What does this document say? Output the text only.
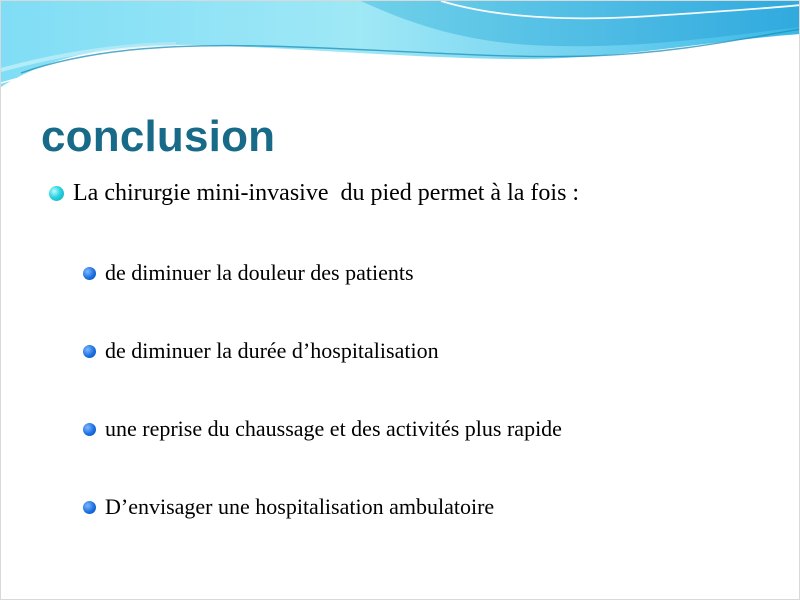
conclusion
La chirurgie mini-invasive  du pied permet à la fois :
de diminuer la douleur des patients
de diminuer la durée d’hospitalisation
une reprise du chaussage et des activités plus rapide
D’envisager une hospitalisation ambulatoire
